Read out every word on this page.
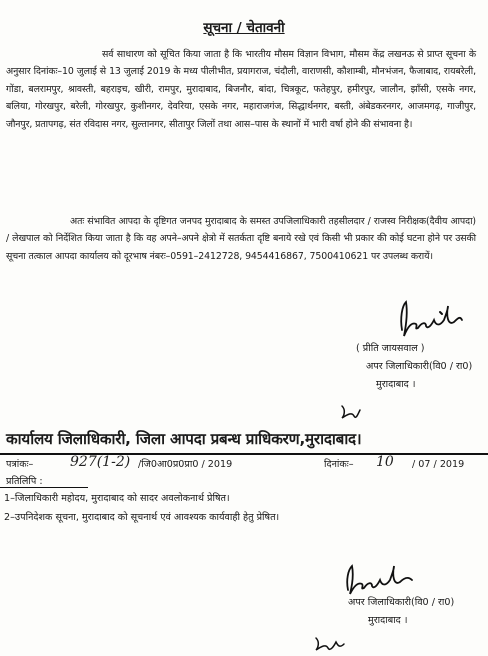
सूचना / चेतावनी
सर्व साधारण को सूचित किया जाता है कि भारतीय मौसम विज्ञान विभाग, मौसम केंद्र लखनऊ से प्राप्त सूचना के अनुसार दिनांकः–10 जुलाई से 13 जुलाई 2019 के मध्य पीलीभीत, प्रयागराज, चंदौली, वाराणसी, कौशाम्बी, मौनभंजन, फैजाबाद, रायबरेली, गोंडा, बलरामपुर, श्रावस्ती, बहराइच, खीरी, रामपुर, मुरादाबाद, बिजनौर, बांदा, चित्रकूट, फतेहपुर, हमीरपुर, जालौन, झाँसी, एसके नगर, बलिया, गोरखपुर, बरेली, गोरखपुर, कुशीनगर, देवरिया, एसके नगर, महाराजगंज, सिद्धार्थनगर, बस्ती, अंबेडकरनगर, आजमगढ़, गाजीपुर, जौनपुर, प्रतापगढ़, संत रविदास नगर, सुल्तानगर, सीतापुर जिलों तथा आस–पास के स्थानों में भारी वर्षा होने की संभावना है।
अतः संभावित आपदा के दृष्टिगत जनपद मुरादाबाद के समस्त उपजिलाधिकारी तहसीलदार / राजस्व निरीक्षक(दैवीय आपदा) / लेखपाल को निर्देशित किया जाता है कि वह अपने–अपने क्षेत्रो में सतर्कता दृष्टि बनाये रखे एवं किसी भी प्रकार की कोई घटना होने पर उसकी सूचना तत्काल आपदा कार्यालय को दूरभाष नंबरः–0591–2412728, 9454416867, 7500410621 पर उपलब्ध करायें।
( प्रीति जायसवाल )
अपर जिलाधिकारी(वि0 / रा0)
मुरादाबाद ।
कार्यालय जिलाधिकारी, जिला आपदा प्रबन्ध प्राधिकरण,मुरादाबाद।
पत्रांकः–	927(1-2) /जि0आ0प्र0प्रा0 / 2019	दिनांकः– 10 / 07 / 2019
प्रतिलिपि :
1–जिलाधिकारी महोदय, मुरादाबाद को सादर अवलोकनार्थ प्रेषित।
2–उपनिदेशक सूचना, मुरादाबाद को सूचनार्थ एवं आवश्यक कार्यवाही हेतु प्रेषित।
अपर जिलाधिकारी(वि0 / रा0)
मुरादाबाद ।
